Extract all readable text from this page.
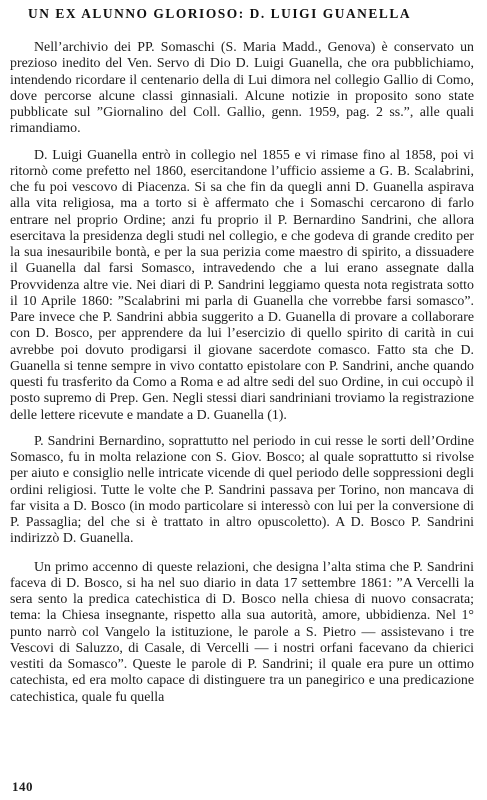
UN EX ALUNNO GLORIOSO: D. LUIGI GUANELLA

Nell’archivio dei PP. Somaschi (S. Maria Madd., Genova) è conservato un prezioso inedito del Ven. Servo di Dio D. Luigi Guanella, che ora pubblichiamo, intendendo ricordare il centenario della di Lui dimora nel collegio Gallio di Como, dove percorse alcune classi ginnasiali. Alcune notizie in proposito sono state pubblicate sul ”Giornalino del Coll. Gallio, genn. 1959, pag. 2 ss.”, alle quali rimandiamo.

D. Luigi Guanella entrò in collegio nel 1855 e vi rimase fino al 1858, poi vi ritornò come prefetto nel 1860, esercitandone l’ufficio assieme a G. B. Scalabrini, che fu poi vescovo di Piacenza. Si sa che fin da quegli anni D. Guanella aspirava alla vita religiosa, ma a torto si è affermato che i Somaschi cercarono di farlo entrare nel proprio Ordine; anzi fu proprio il P. Bernardino Sandrini, che allora esercitava la presidenza degli studi nel collegio, e che godeva di grande credito per la sua inesauribile bontà, e per la sua perizia come maestro di spirito, a dissuadere il Guanella dal farsi Somasco, intravedendo che a lui erano assegnate dalla Provvidenza altre vie. Nei diari di P. Sandrini leggiamo questa nota registrata sotto il 10 Aprile 1860: ”Scalabrini mi parla di Guanella che vorrebbe farsi somasco”. Pare invece che P. Sandrini abbia suggerito a D. Guanella di provare a collaborare con D. Bosco, per apprendere da lui l’esercizio di quello spirito di carità in cui avrebbe poi dovuto prodigarsi il giovane sacerdote comasco. Fatto sta che D. Guanella si tenne sempre in vivo contatto epistolare con P. Sandrini, anche quando questi fu trasferito da Como a Roma e ad altre sedi del suo Ordine, in cui occupò il posto supremo di Prep. Gen. Negli stessi diari sandriniani troviamo la registrazione delle lettere ricevute e mandate a D. Guanella (1).

P. Sandrini Bernardino, soprattutto nel periodo in cui resse le sorti dell’Ordine Somasco, fu in molta relazione con S. Giov. Bosco; al quale soprattutto si rivolse per aiuto e consiglio nelle intricate vicende di quel periodo delle soppressioni degli ordini religiosi. Tutte le volte che P. Sandrini passava per Torino, non mancava di far visita a D. Bosco (in modo particolare si interessò con lui per la conversione di P. Passaglia; del che si è trattato in altro opuscoletto). A D. Bosco P. Sandrini indirizzò D. Guanella.

Un primo accenno di queste relazioni, che designa l’alta stima che P. Sandrini faceva di D. Bosco, si ha nel suo diario in data 17 settembre 1861: ”A Vercelli la sera sento la predica catechistica di D. Bosco nella chiesa di nuovo consacrata; tema: la Chiesa insegnante, rispetto alla sua autorità, amore, ubbidienza. Nel 1° punto narrò col Vangelo la istituzione, le parole a S. Pietro — assistevano i tre Vescovi di Saluzzo, di Casale, di Vercelli — i nostri orfani facevano da chierici vestiti da Somasco”. Queste le parole di P. Sandrini; il quale era pure un ottimo catechista, ed era molto capace di distinguere tra un panegirico e una predicazione catechistica, quale fu quella

140
